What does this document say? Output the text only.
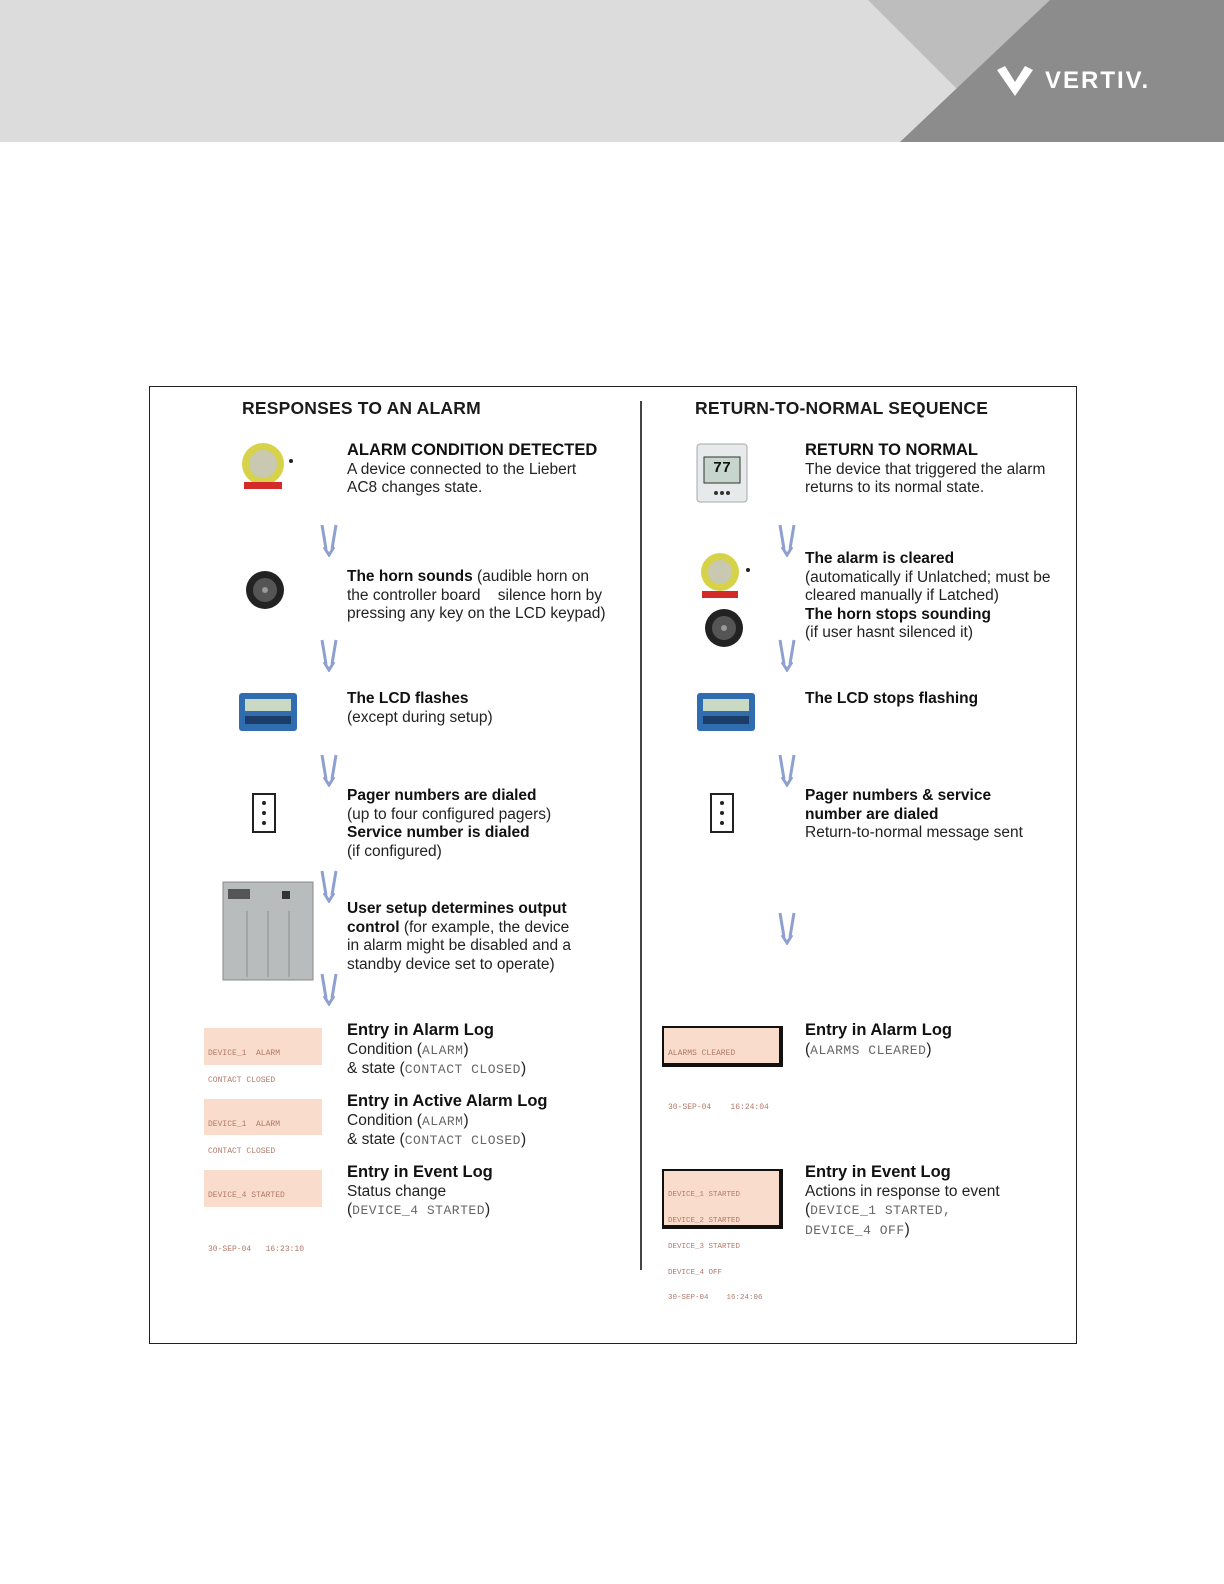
VERTIV.
RESPONSES TO AN ALARM
ALARM CONDITION DETECTED
A device connected to the Liebert
AC8 changes state.
The horn sounds (audible horn on
the controller board    silence horn by
pressing any key on the LCD keypad)
The LCD flashes
(except during setup)
Pager numbers are dialed
(up to four configured pagers)
Service number is dialed
(if configured)
User setup determines output
control (for example, the device
in alarm might be disabled and a
standby device set to operate)

DEVICE_1  ALARM

CONTACT CLOSED

Entry in Alarm Log
Condition (ALARM)
& state (CONTACT CLOSED)

DEVICE_1  ALARM

CONTACT CLOSED

Entry in Active Alarm Log
Condition (ALARM)
& state (CONTACT CLOSED)

DEVICE_4 STARTED

30-SEP-04   16:23:10

Entry in Event Log
Status change
(DEVICE_4 STARTED)
RETURN-TO-NORMAL SEQUENCE
77
RETURN TO NORMAL
The device that triggered the alarm
returns to its normal state.
The alarm is cleared
(automatically if Unlatched; must be
cleared manually if Latched)
The horn stops sounding
(if user hasnt silenced it)
The LCD stops flashing
Pager numbers & service
number are dialed
Return-to-normal message sent

ALARMS CLEARED

30-SEP-04    16:24:04

Entry in Alarm Log
(ALARMS CLEARED)

DEVICE_1 STARTED

DEVICE_2 STARTED

DEVICE_3 STARTED

DEVICE_4 OFF

30-SEP-04    16:24:06

Entry in Event Log
Actions in response to event
(DEVICE_1 STARTED,
DEVICE_4 OFF)
